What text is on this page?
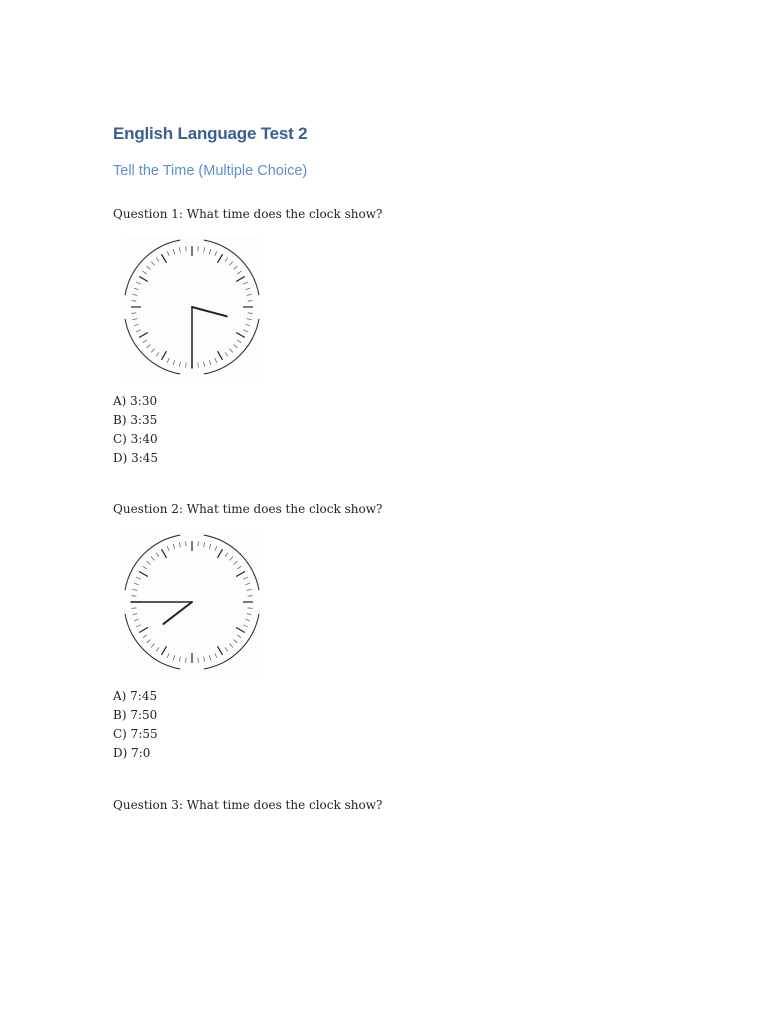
English Language Test 2
Tell the Time (Multiple Choice)

Question 1: What time does the clock show?

A) 3:30
B) 3:35
C) 3:40
D) 3:45

Question 2: What time does the clock show?

A) 7:45
B) 7:50
C) 7:55
D) 7:0

Question 3: What time does the clock show?
